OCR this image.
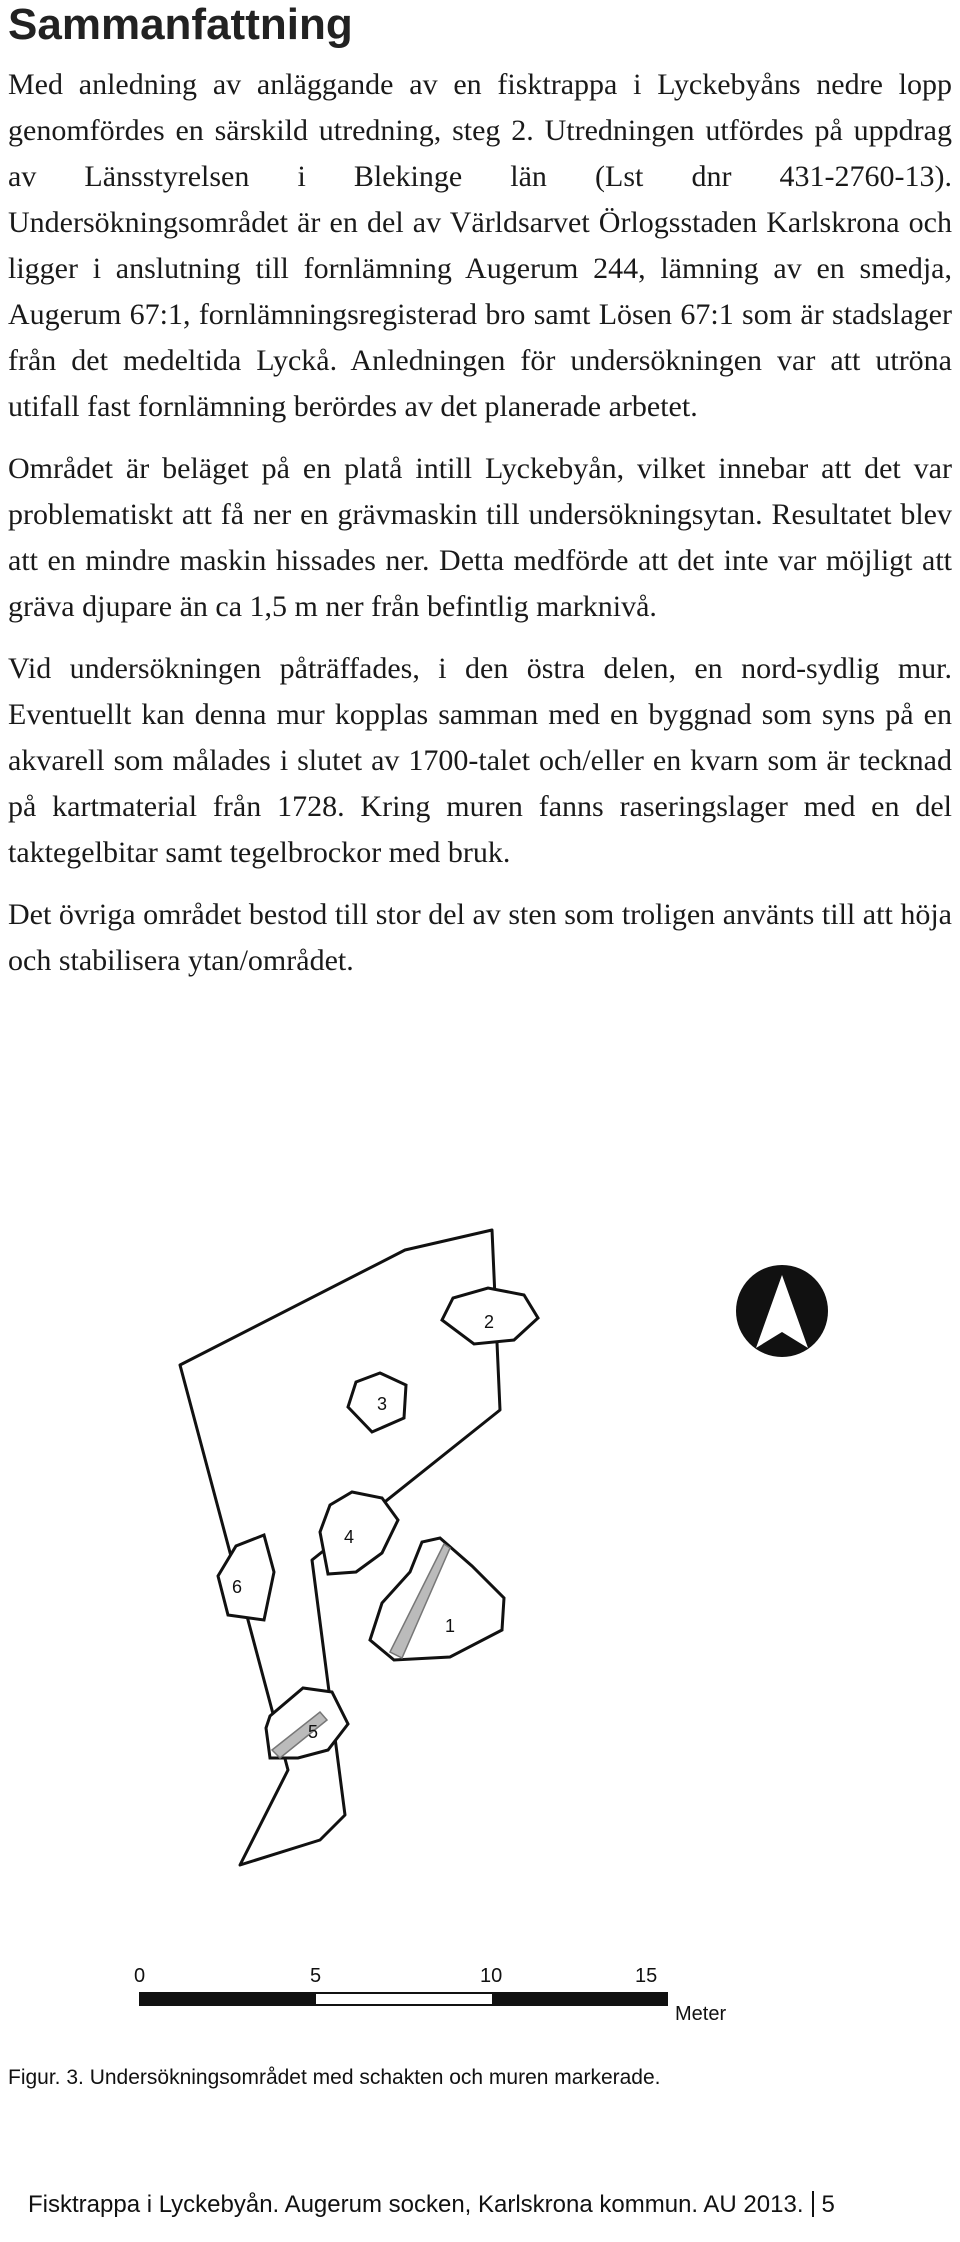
Sammanfattning

Med anledning av anläggande av en fisktrappa i Lyckebyåns nedre lopp genomfördes en särskild utredning, steg 2. Utredningen utfördes på uppdrag av Länsstyrelsen i Blekinge län (Lst dnr 431-2760-13). Undersökningsområdet är en del av Världsarvet Örlogsstaden Karlskrona och ligger i anslutning till fornlämning Augerum 244, lämning av en smedja, Augerum 67:1, fornlämningsregisterad bro samt Lösen 67:1 som är stadslager från det medeltida Lyckå. Anledningen för undersökningen var att utröna utifall fast fornlämning berördes av det planerade arbetet.

Området är beläget på en platå intill Lyckebyån, vilket innebar att det var problematiskt att få ner en grävmaskin till undersökningsytan. Resultatet blev att en mindre maskin hissades ner. Detta medförde att det inte var möjligt att gräva djupare än ca 1,5 m ner från befintlig marknivå.

Vid undersökningen påträffades, i den östra delen, en nord-sydlig mur. Eventuellt kan denna mur kopplas samman med en byggnad som syns på en akvarell som målades i slutet av 1700-talet och/eller en kvarn som är tecknad på kartmaterial från 1728. Kring muren fanns raseringslager med en del taktegelbitar samt tegelbrockor med bruk.

Det övriga området bestod till stor del av sten som troligen använts till att höja och stabilisera ytan/området.

1
2
3
4
5
6
0	5	10	15
Meter
Figur. 3. Undersökningsområdet med schakten och muren markerade.
Fisktrappa i Lyckebyån. Augerum socken, Karlskrona kommun. AU 2013. 5
